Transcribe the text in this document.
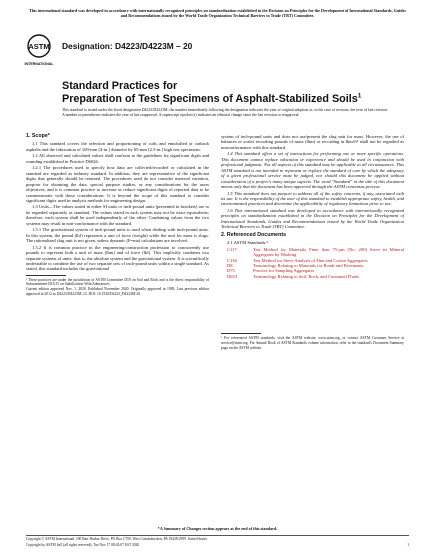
This international standard was developed in accordance with internationally recognized principles on standardization established in the Decision on Principles for the Development of International Standards, Guides and Recommendations issued by the World Trade Organization Technical Barriers to Trade (TBT) Committee.
ASTM
INTERNATIONAL
Designation: D4223/D4223M – 20
Standard Practices for
Preparation of Test Specimens of Asphalt-Stabilized Soils$^1$
This standard is issued under the fixed designation D4223/D4223M; the number immediately following the designation indicates the year of original adoption or, in the case of revision, the year of last revision. A number in parentheses indicates the year of last reapproval. A superscript epsilon (ε) indicates an editorial change since the last revision or reapproval.
1. Scope*

1.1 This standard covers the selection and proportioning of soils and emulsified or cutback asphalts and the fabrication of 100-mm [4-in.] diameter by 65-mm [2.5-in.] high test specimens.

1.2 All observed and calculated values shall conform to the guidelines for significant digits and rounding established in Practice D6026.

1.2.1 The procedures used to specify how data are collected/recorded or calculated in the standard are regarded as industry standard. In addition, they are representative of the significant digits that generally should be retained. The procedures used do not consider material variation, purpose for obtaining the data, special purpose studies, or any considerations for the users objectives; and it is common practice to increase or reduce significant digits of reported data to be commensurate with these considerations. It is beyond the scope of this standard to consider significant digits used in analysis methods for engineering design.

1.3 Units—The values stated in either SI units or inch-pound units [presented in brackets] are to be regarded separately as standard. The values stated in each system may not be exact equivalents; therefore, each system shall be used independently of the other. Combining values from the two systems may result in non-conformance with the standard.

1.3.1 The gravitational system of inch-pound units is used when dealing with inch-pound units. In this system, the pound (lbf) represents a unit of force (weight) while the unit for mass is slugs. The rationalized slug unit is not given, unless dynamic (F=ma) calculations are involved.

1.3.2 It is common practice in the engineering/construction profession to concurrently use pounds to represent both a unit of mass (lbm) and of force (lbf). This implicitly combines two separate systems of units; that is, the absolute system and the gravitational system. It is scientifically undesirable to combine the use of two separate sets of inch-pound units within a single standard. As stated, this standard includes the gravitational

¹ These practices are under the jurisdiction of ASTM Committee D18 on Soil and Rock and is the direct responsibility of Subcommittee D18.15 on Stabilization With Admixtures.
Current edition approved Nov. 1, 2020. Published November 2020. Originally approved in 1983. Last previous edition approved in 2012 as D4223/D4223M–12. DOI: 10.1520/D4223_D4223M-20.

system of inch-pound units and does not use/present the slug unit for mass. However, the use of balances or scales recording pounds of mass (lbm) or recording in lbm/ft³ shall not be regarded as nonconformance with this standard.

1.4 This standard offers a set of instructions for performing one or more specific operations. This document cannot replace education or experience and should be used in conjunction with professional judgment. Not all aspects of this standard may be applicable in all circumstances. This ASTM standard is not intended to represent or replace the standard of care by which the adequacy of a given professional service must be judged, nor should this document be applied without consideration of a project's many unique aspects. The word "Standard" in the title of this document means only that the document has been approved through the ASTM consensus process.

1.5 This standard does not purport to address all of the safety concerns, if any, associated with its use. It is the responsibility of the user of this standard to establish appropriate safety, health, and environmental practices and determine the applicability of regulatory limitations prior to use.

1.6 This international standard was developed in accordance with internationally recognized principles on standardization established in the Decision on Principles for the Development of International Standards, Guides and Recommendations issued by the World Trade Organization Technical Barriers to Trade (TBT) Committee.

2. Referenced Documents
2.1 ASTM Standards:²
C117	Test Method for Materials Finer than 75-μm (No. 200) Sieve in Mineral Aggregates by Washing
C136	Test Method for Sieve Analysis of Fine and Coarse Aggregates
D8	Terminology Relating to Materials for Roads and Pavements
D75	Practice for Sampling Aggregates
D653	Terminology Relating to Soil, Rock, and Contained Fluids
² For referenced ASTM standards, visit the ASTM website, www.astm.org, or contact ASTM Customer Service at service@astm.org. For Annual Book of ASTM Standards volume information, refer to the standard's Document Summary page on the ASTM website.
*A Summary of Changes section appears at the end of this standard.
Copyright © ASTM International, 100 Barr Harbor Drive, PO Box C700, West Conshohocken, PA 19428-2959. United States
Copyright by ASTM Int'l (all rights reserved); Tue Nov 17 08:43:07 EST 2020	1
